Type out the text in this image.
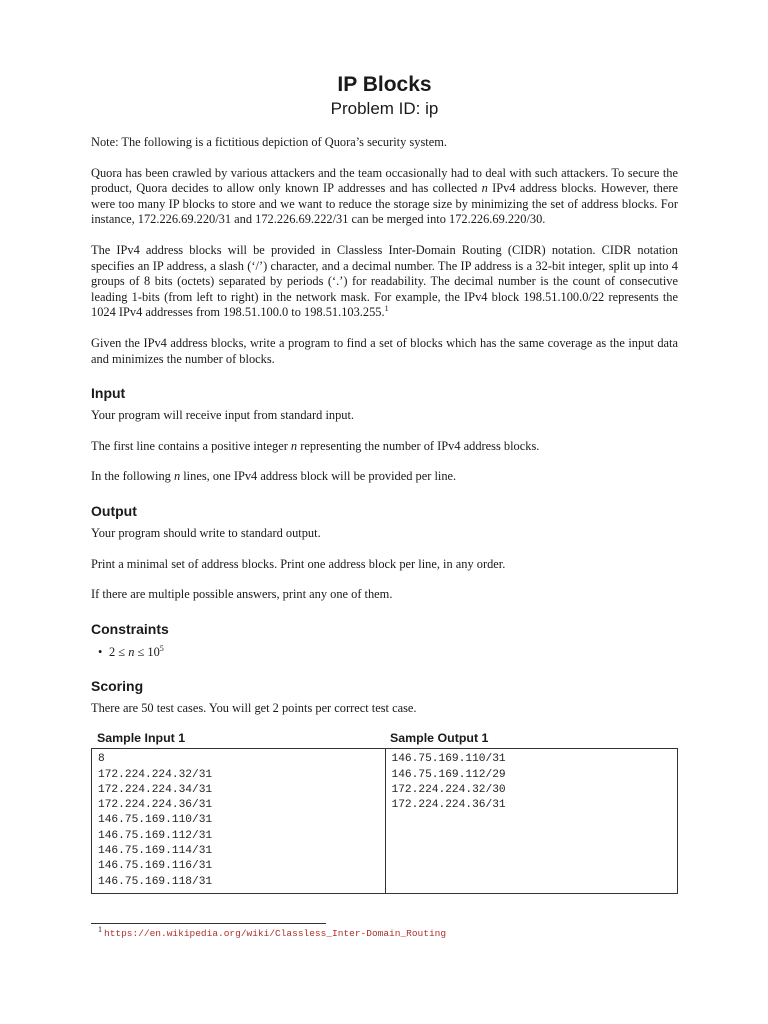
IP Blocks
Problem ID: ip

Note: The following is a fictitious depiction of Quora’s security system.

Quora has been crawled by various attackers and the team occasionally had to deal with such attackers. To secure the product, Quora decides to allow only known IP addresses and has collected n IPv4 address blocks. However, there were too many IP blocks to store and we want to reduce the storage size by minimizing the set of address blocks. For instance, 172.226.69.220/31 and 172.226.69.222/31 can be merged into 172.226.69.220/30.

The IPv4 address blocks will be provided in Classless Inter-Domain Routing (CIDR) notation. CIDR notation specifies an IP address, a slash (‘/’) character, and a decimal number. The IP address is a 32-bit integer, split up into 4 groups of 8 bits (octets) separated by periods (‘.’) for readability. The decimal number is the count of consecutive leading 1-bits (from left to right) in the network mask. For example, the IPv4 block 198.51.100.0/22 represents the 1024 IPv4 addresses from 198.51.100.0 to 198.51.103.255.$^1$

Given the IPv4 address blocks, write a program to find a set of blocks which has the same coverage as the input data and minimizes the number of blocks.

Input

Your program will receive input from standard input.

The first line contains a positive integer n representing the number of IPv4 address blocks.

In the following n lines, one IPv4 address block will be provided per line.

Output

Your program should write to standard output.

Print a minimal set of address blocks. Print one address block per line, in any order.

If there are multiple possible answers, print any one of them.

Constraints
• $2 \le n \le 10^5$
Scoring

There are 50 test cases. You will get 2 points per correct test case.

Sample Input 1	Sample Output 1
8
172.224.224.32/31
172.224.224.34/31
172.224.224.36/31
146.75.169.110/31
146.75.169.112/31
146.75.169.114/31
146.75.169.116/31
146.75.169.118/31
146.75.169.110/31
146.75.169.112/29
172.224.224.32/30
172.224.224.36/31
1 https://en.wikipedia.org/wiki/Classless_Inter-Domain_Routing
